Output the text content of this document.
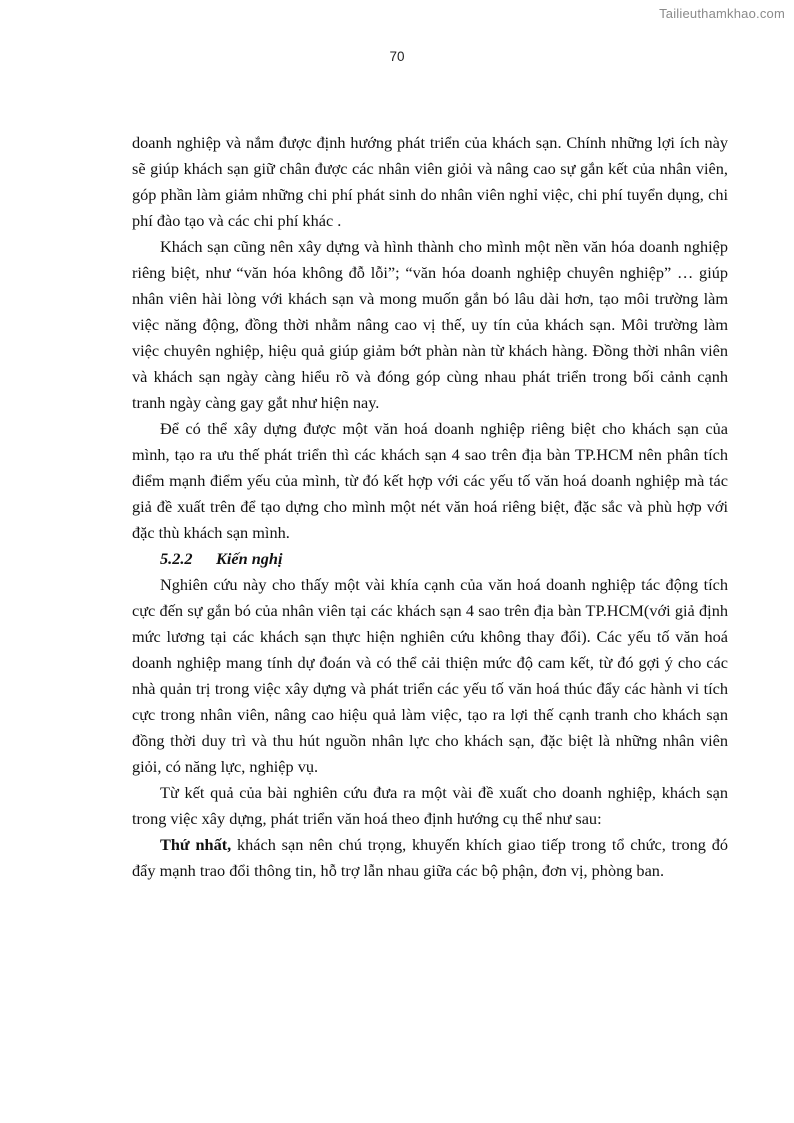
Tailieuthamkhao.com
70

doanh nghiệp và nắm được định hướng phát triển của khách sạn. Chính những lợi ích này sẽ giúp khách sạn giữ chân được các nhân viên giỏi và nâng cao sự gắn kết của nhân viên, góp phần làm giảm những chi phí phát sinh do nhân viên nghỉ việc, chi phí tuyển dụng, chi phí đào tạo và các chi phí khác .

Khách sạn cũng nên xây dựng và hình thành cho mình một nền văn hóa doanh nghiệp riêng biệt, như “văn hóa không đỗ lỗi”; “văn hóa doanh nghiệp chuyên nghiệp” … giúp nhân viên hài lòng với khách sạn và mong muốn gắn bó lâu dài hơn, tạo môi trường làm việc năng động, đồng thời nhằm nâng cao vị thế, uy tín của khách sạn. Môi trường làm việc chuyên nghiệp, hiệu quả giúp giảm bớt phàn nàn từ khách hàng. Đồng thời nhân viên và khách sạn ngày càng hiểu rõ và đóng góp cùng nhau phát triển trong bối cảnh cạnh tranh ngày càng gay gắt như hiện nay.

Để có thể xây dựng được một văn hoá doanh nghiệp riêng biệt cho khách sạn của mình, tạo ra ưu thế phát triển thì các khách sạn 4 sao trên địa bàn TP.HCM nên phân tích điểm mạnh điểm yếu của mình, từ đó kết hợp với các yếu tố văn hoá doanh nghiệp mà tác giả đề xuất trên để tạo dựng cho mình một nét văn hoá riêng biệt, đặc sắc và phù hợp với đặc thù khách sạn mình.

5.2.2 Kiến nghị

Nghiên cứu này cho thấy một vài khía cạnh của văn hoá doanh nghiệp tác động tích cực đến sự gắn bó của nhân viên tại các khách sạn 4 sao trên địa bàn TP.HCM(với giả định mức lương tại các khách sạn thực hiện nghiên cứu không thay đổi). Các yếu tố văn hoá doanh nghiệp mang tính dự đoán và có thể cải thiện mức độ cam kết, từ đó gợi ý cho các nhà quản trị trong việc xây dựng và phát triển các yếu tố văn hoá thúc đẩy các hành vi tích cực trong nhân viên, nâng cao hiệu quả làm việc, tạo ra lợi thế cạnh tranh cho khách sạn đồng thời duy trì và thu hút nguồn nhân lực cho khách sạn, đặc biệt là những nhân viên giỏi, có năng lực, nghiệp vụ.

Từ kết quả của bài nghiên cứu đưa ra một vài đề xuất cho doanh nghiệp, khách sạn trong việc xây dựng, phát triển văn hoá theo định hướng cụ thể như sau:

Thứ nhất, khách sạn nên chú trọng, khuyến khích giao tiếp trong tổ chức, trong đó đẩy mạnh trao đổi thông tin, hỗ trợ lẫn nhau giữa các bộ phận, đơn vị, phòng ban.
